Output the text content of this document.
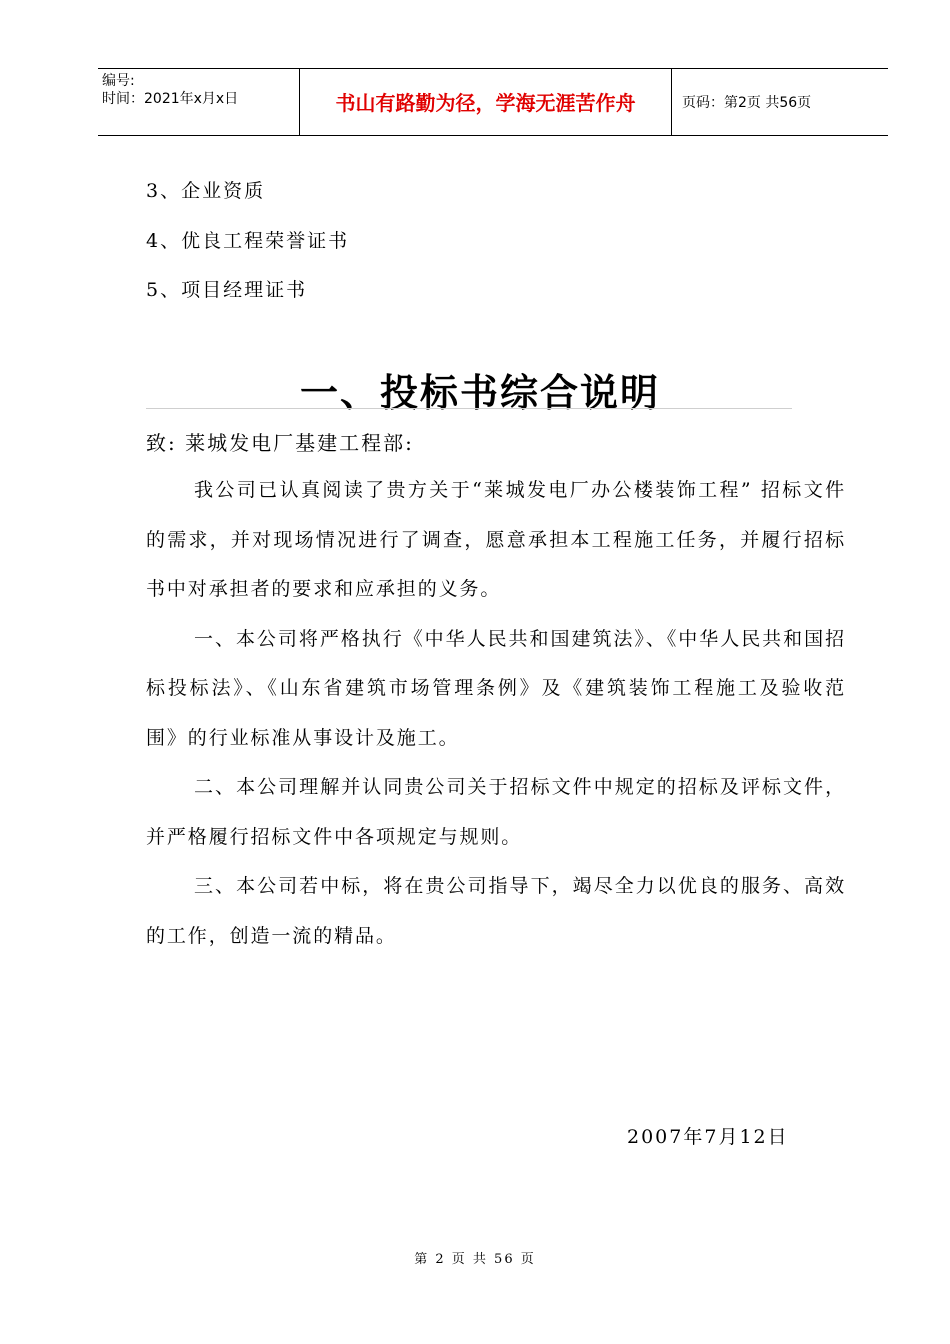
编号:
时间：2021年x月x日	书山有路勤为径，学海无涯苦作舟	页码：第2页 共56页
3、企业资质
4、优良工程荣誉证书
5、项目经理证书
一、投标书综合说明
致: 莱城发电厂基建工程部:

我公司已认真阅读了贵方关于“莱城发电厂办公楼装饰工程” 招标文件的需求，并对现场情况进行了调查，愿意承担本工程施工任务，并履行招标书中对承担者的要求和应承担的义务。

一、本公司将严格执行《中华人民共和国建筑法》、《中华人民共和国招标投标法》、《山东省建筑市场管理条例》及《建筑装饰工程施工及验收范围》的行业标准从事设计及施工。

二、本公司理解并认同贵公司关于招标文件中规定的招标及评标文件，并严格履行招标文件中各项规定与规则。

三、本公司若中标，将在贵公司指导下，竭尽全力以优良的服务、高效的工作，创造一流的精品。

2007年7月12日
第 2 页 共 56 页
